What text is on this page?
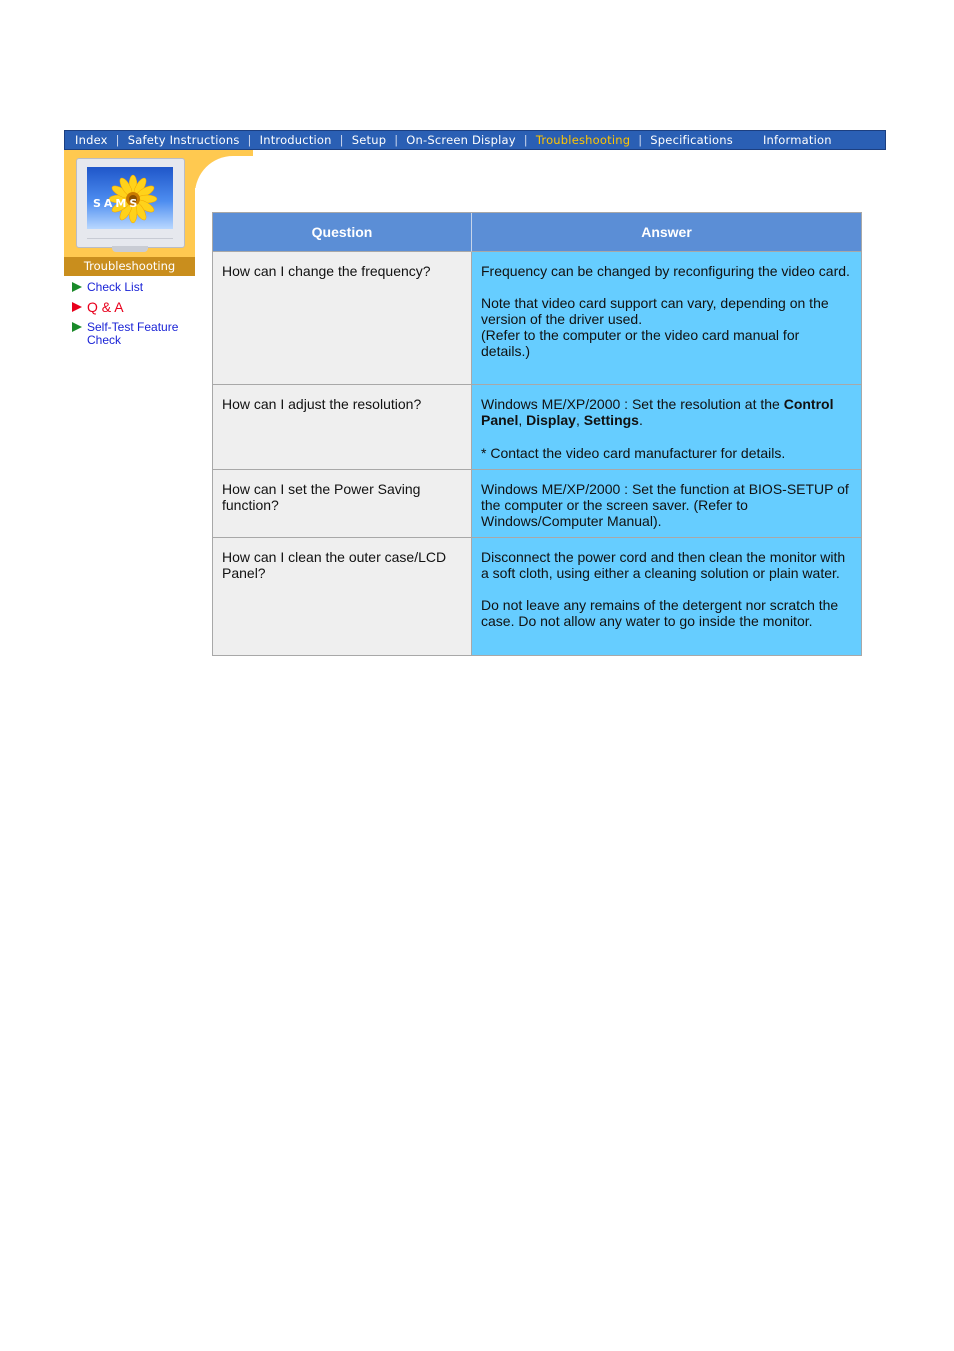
Index | Safety Instructions | Introduction | Setup | On-Screen Display | Troubleshooting | Specifications	Information
SAMS
Troubleshooting
Check List
Q & A
Self-Test Feature Check
Question	Answer
How can I change the frequency?	Frequency can be changed by reconfiguring the video card.

Note that video card support can vary, depending on the version of the driver used.

(Refer to the computer or the video card manual for details.)

How can I adjust the resolution?	Windows ME/XP/2000 : Set the resolution at the Control Panel, Display, Settings.

* Contact the video card manufacturer for details.

How can I set the Power Saving function?	Windows ME/XP/2000 : Set the function at BIOS-SETUP of the computer or the screen saver. (Refer to Windows/Computer Manual).

How can I clean the outer case/LCD Panel?	Disconnect the power cord and then clean the monitor with a soft cloth, using either a cleaning solution or plain water.

Do not leave any remains of the detergent nor scratch the case. Do not allow any water to go inside the monitor.
